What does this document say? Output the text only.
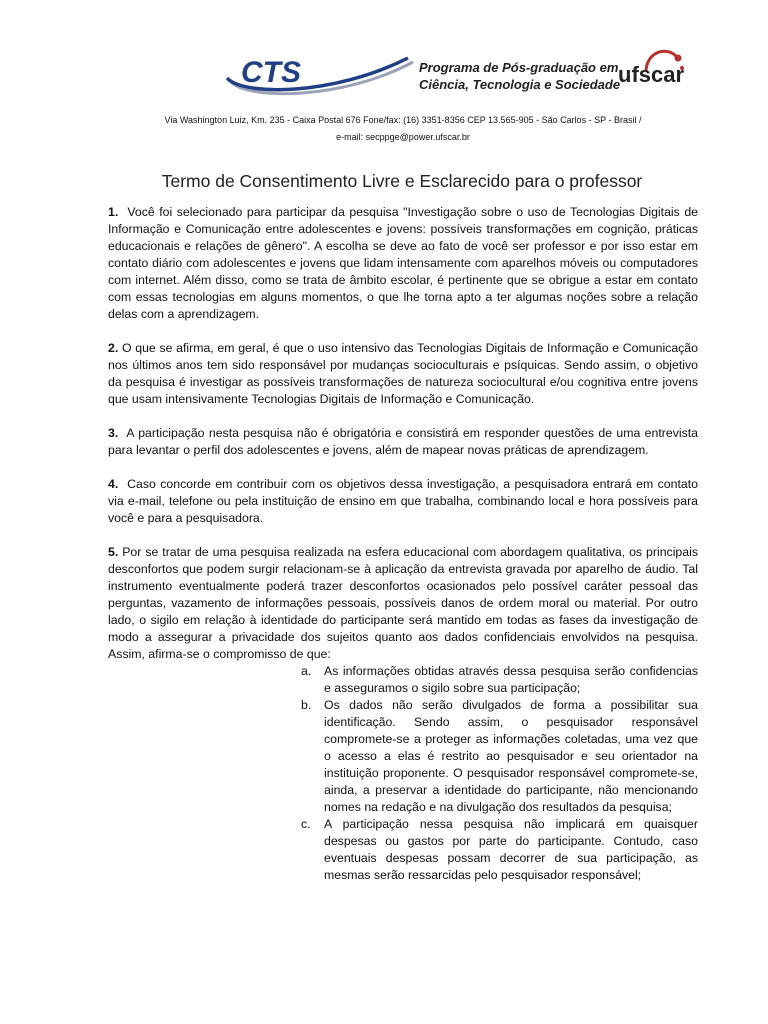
CTS	Programa de Pós-graduação em
Ciência, Tecnologia e Sociedade
ufscar
Via Washington Luiz, Km. 235 - Caixa Postal 676 Fone/fax: (16) 3351-8356 CEP 13.565-905 - São Carlos - SP - Brasil /
e-mail: secppge@power.ufscar.br
Termo de Consentimento Livre e Esclarecido para o professor

1. Você foi selecionado para participar da pesquisa "Investigação sobre o uso de Tecnologias Digitais de Informação e Comunicação entre adolescentes e jovens: possíveis transformações em cognição, práticas educacionais e relações de gênero". A escolha se deve ao fato de você ser professor e por isso estar em contato diário com adolescentes e jovens que lidam intensamente com aparelhos móveis ou computadores com internet. Além disso, como se trata de âmbito escolar, é pertinente que se obrigue a estar em contato com essas tecnologias em alguns momentos, o que lhe torna apto a ter algumas noções sobre a relação delas com a aprendizagem.

2. O que se afirma, em geral, é que o uso intensivo das Tecnologias Digitais de Informação e Comunicação nos últimos anos tem sido responsável por mudanças socioculturais e psíquicas. Sendo assim, o objetivo da pesquisa é investigar as possíveis transformações de natureza sociocultural e/ou cognitiva entre jovens que usam intensivamente Tecnologias Digitais de Informação e Comunicação.

3. A participação nesta pesquisa não é obrigatória e consistirá em responder questões de uma entrevista para levantar o perfil dos adolescentes e jovens, além de mapear novas práticas de aprendizagem.

4. Caso concorde em contribuir com os objetivos dessa investigação, a pesquisadora entrará em contato via e-mail, telefone ou pela instituição de ensino em que trabalha, combinando local e hora possíveis para você e para a pesquisadora.

5. Por se tratar de uma pesquisa realizada na esfera educacional com abordagem qualitativa, os principais desconfortos que podem surgir relacionam-se à aplicação da entrevista gravada por aparelho de áudio. Tal instrumento eventualmente poderá trazer desconfortos ocasionados pelo possível caráter pessoal das perguntas, vazamento de informações pessoais, possíveis danos de ordem moral ou material. Por outro lado, o sigilo em relação à identidade do participante será mantido em todas as fases da investigação de modo a assegurar a privacidade dos sujeitos quanto aos dados confidenciais envolvidos na pesquisa. Assim, afirma-se o compromisso de que:

a.	As informações obtidas através dessa pesquisa serão confidencias e asseguramos o sigilo sobre sua participação;
b.	Os dados não serão divulgados de forma a possibilitar sua identificação. Sendo assim, o pesquisador responsável compromete-se a proteger as informações coletadas, uma vez que o acesso a elas é restrito ao pesquisador e seu orientador na instituição proponente. O pesquisador responsável compromete-se, ainda, a preservar a identidade do participante, não mencionando nomes na redação e na divulgação dos resultados da pesquisa;
c.	A participação nessa pesquisa não implicará em quaisquer despesas ou gastos por parte do participante. Contudo, caso eventuais despesas possam decorrer de sua participação, as mesmas serão ressarcidas pelo pesquisador responsável;
